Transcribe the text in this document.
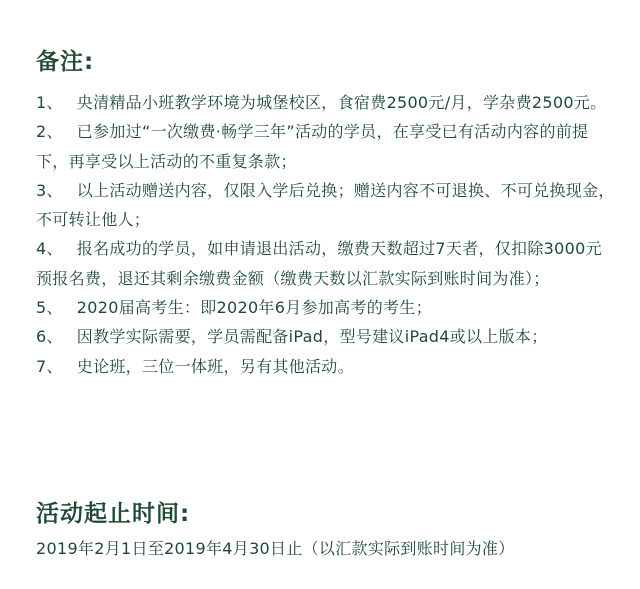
备注:
1、 央清精品小班教学环境为城堡校区，食宿费2500元/月，学杂费2500元。
2、 已参加过“一次缴费·畅学三年”活动的学员，在享受已有活动内容的前提下，再享受以上活动的不重复条款；
3、 以上活动赠送内容，仅限入学后兑换；赠送内容不可退换、不可兑换现金，不可转让他人；
4、 报名成功的学员，如申请退出活动，缴费天数超过7天者，仅扣除3000元预报名费，退还其剩余缴费金额（缴费天数以汇款实际到账时间为准）；
5、 2020届高考生：即2020年6月参加高考的考生；
6、 因教学实际需要，学员需配备iPad，型号建议iPad4或以上版本；
7、 史论班，三位一体班，另有其他活动。
活动起止时间:
2019年2月1日至2019年4月30日止（以汇款实际到账时间为准）
